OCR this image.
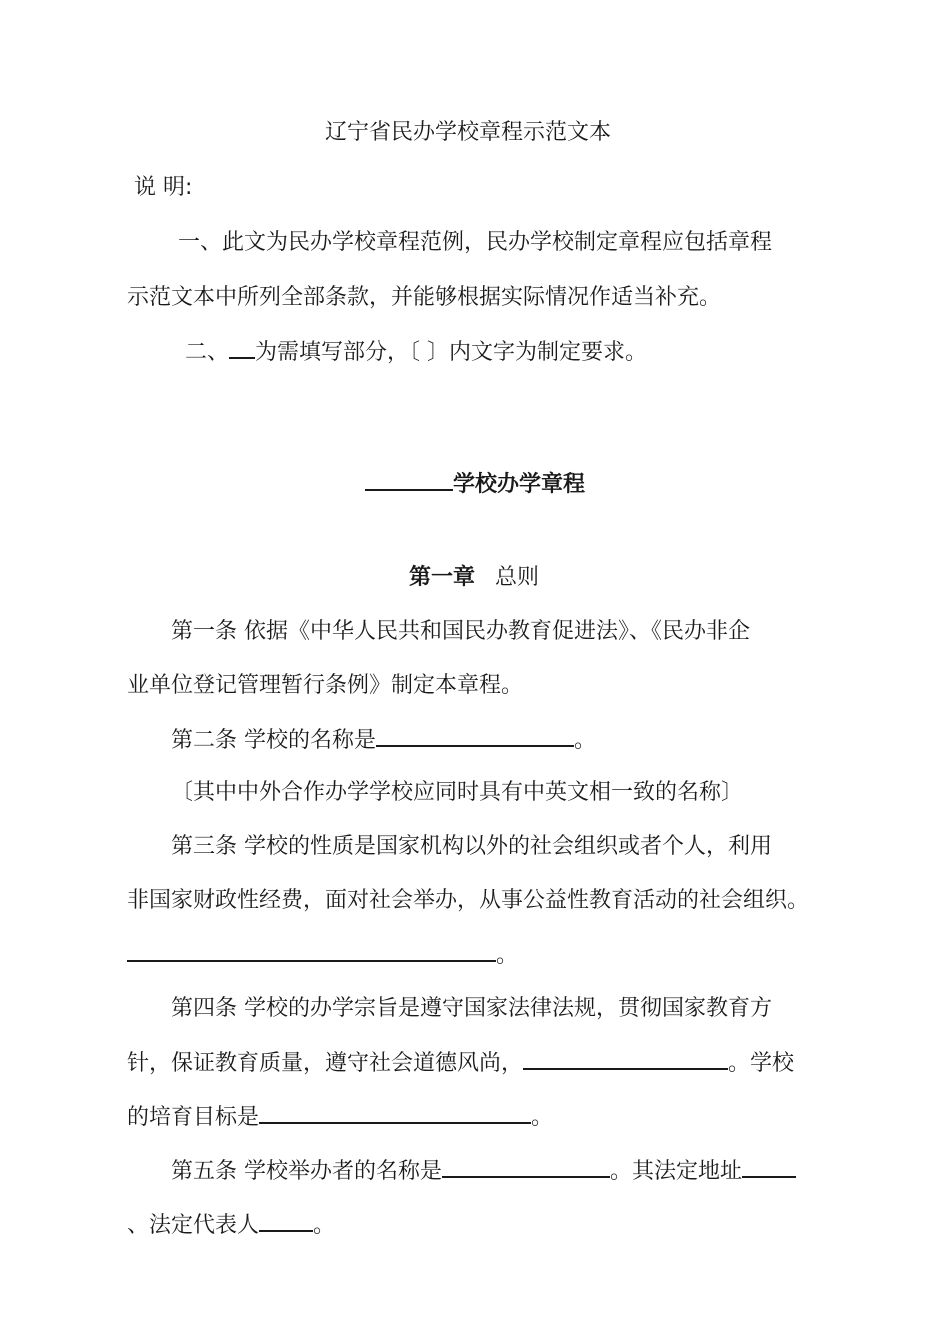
辽宁省民办学校章程示范文本
说 明:
一、此文为民办学校章程范例，民办学校制定章程应包括章程
示范文本中所列全部条款，并能够根据实际情况作适当补充。
二、 为需填写部分，〔 〕内文字为制定要求。
学校办学章程
第一章 总则
第一条 依据《中华人民共和国民办教育促进法》、《民办非企
业单位登记管理暂行条例》制定本章程。
第二条 学校的名称是	。
〔其中中外合作办学学校应同时具有中英文相一致的名称〕
第三条 学校的性质是国家机构以外的社会组织或者个人，利用
非国家财政性经费，面对社会举办，从事公益性教育活动的社会组织。
。
第四条 学校的办学宗旨是遵守国家法律法规，贯彻国家教育方
针，保证教育质量，遵守社会道德风尚，	。学校
的培育目标是	。
第五条 学校举办者的名称是	。其法定地址
、法定代表人 。
